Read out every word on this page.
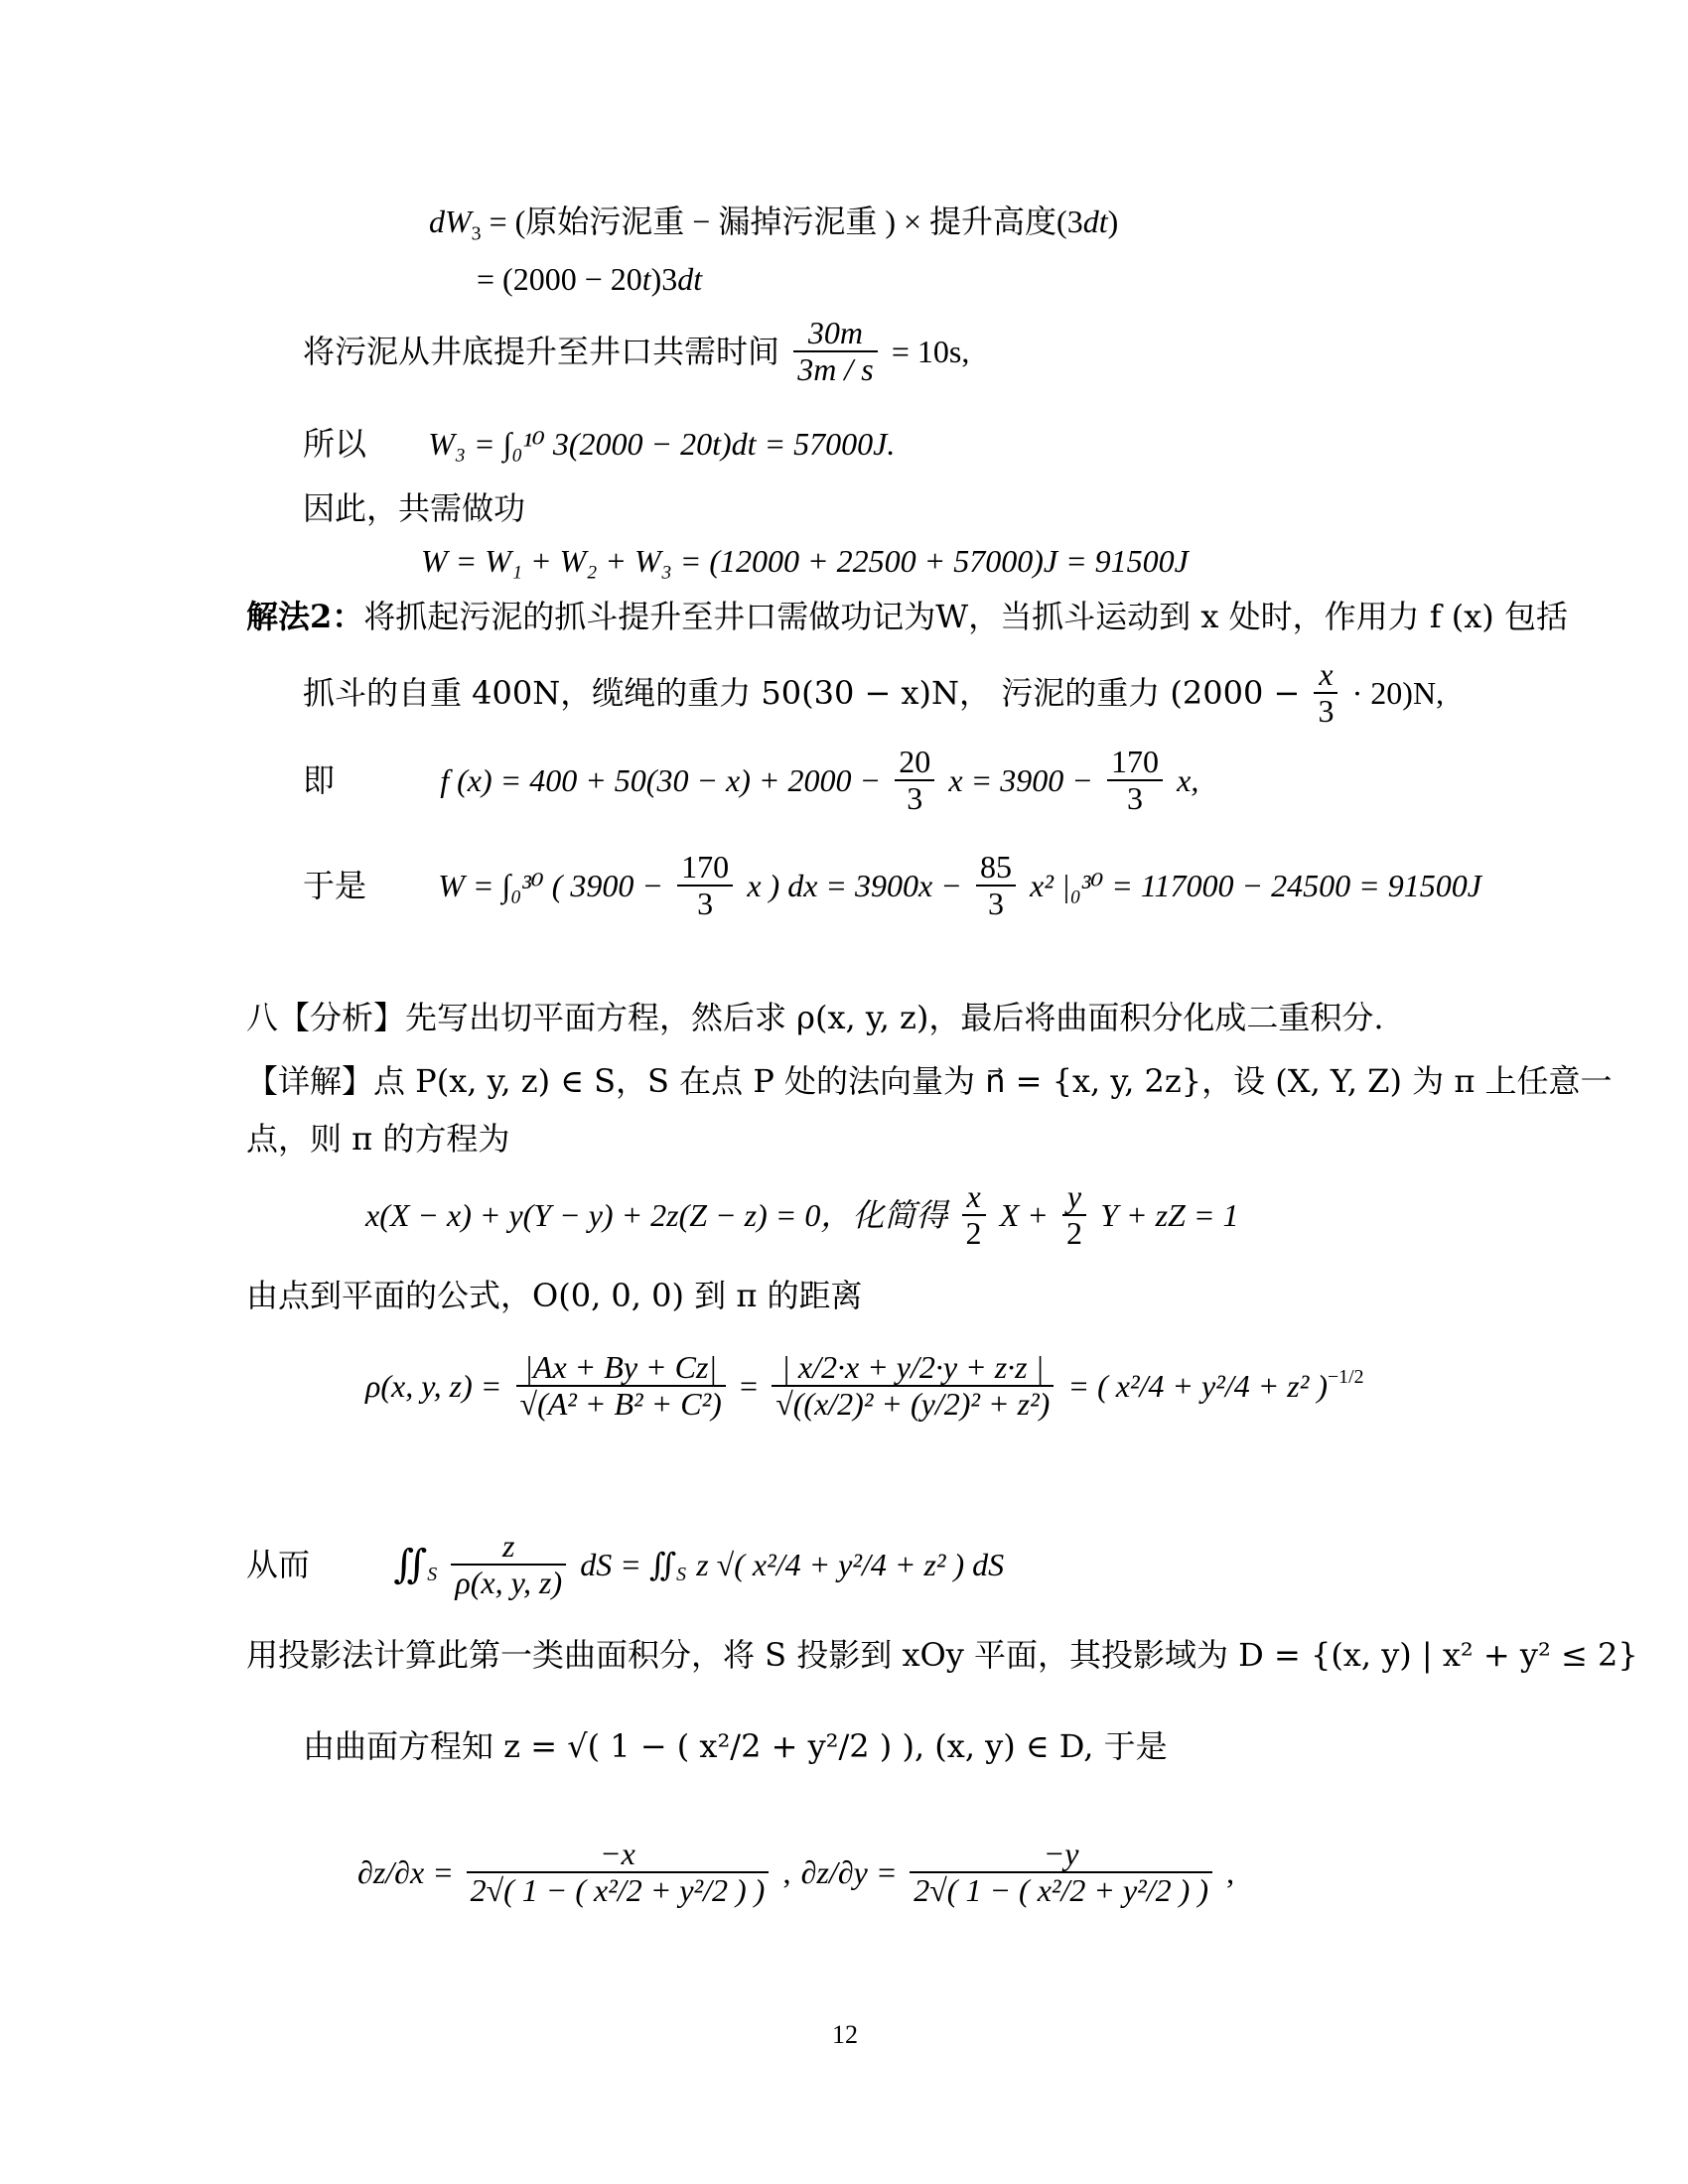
$dW_3$ = (原始污泥重 − 漏掉污泥重 ) × 提升高度(3dt)
= (2000 − 20t)3dt
将污泥从井底提升至井口共需时间 $\frac{30m}{3m / s} = 10s$,
所以 W₃ = ∫₀¹⁰ 3(2000 − 20t)dt = 57000J.
因此，共需做功
W = W₁ + W₂ + W₃ = (12000 + 22500 + 57000)J = 91500J
解法2：将抓起污泥的抓斗提升至井口需做功记为W，当抓斗运动到 x 处时，作用力 f (x) 包括
抓斗的自重 400N，缆绳的重力 50(30 − x)N， 污泥的重力 $(2000 - \frac{x}{3} \cdot 20)N$,
即	f $(x) = 400 + 50(30 - x) + 2000 - \frac{20}{3}$ $x = 3900 - \frac{170}{3} x$,
于是 W = ∫₀³⁰ ( $3900 - \frac{170}{3}$ x ) dx = $3900x - \frac{85}{3} x^2$ |₀³⁰ = 117000 − 24500 = 91500J
八【分析】先写出切平面方程，然后求 ρ(x, y, z)，最后将曲面积分化成二重积分.
【详解】点 P(x, y, z) ∈ S，S 在点 P 处的法向量为 n⃗ = {x, y, 2z}，设 (X, Y, Z) 为 π 上任意一
点，则 π 的方程为
x(X − x) + y(Y − y) + 2z(Z − z) = 0，化简得 $\frac{x}{2}$ $X + \frac{y}{2}$ Y + zZ = 1
由点到平面的公式，O(0, 0, 0) 到 π 的距离
ρ(x, y, $z) = \frac{|Ax + By + Cz|}{\text{√(A² + B² + C²)}} = \frac{| x/2\cdot x + y/2\cdot y + z\cdot z |}{\text{√((x/2)² + (y/2)² + z²)}}$ = ( x²/4 + y²/4 + z² )$^{-1/2}$
从而 $∬_S \frac{z}{\rho(x, y, z)}$ dS = $∬_S$ z √( x²/4 + y²/4 + z² ) dS
用投影法计算此第一类曲面积分，将 S 投影到 xOy 平面，其投影域为 D = {(x, y) | x² + y² ≤ 2}
由曲面方程知 z = √( 1 − ( x²/2 + y²/2 ) ), (x, y) ∈ D, 于是
$\partial z/\partial x = \frac{-x}{\text{2√( 1 − ( x²/2 + y²/2 ) )}}$ , $\partial z/\partial y = \frac{-y}{\text{2√( 1 − ( x²/2 + y²/2 ) )}}$ ,
12
